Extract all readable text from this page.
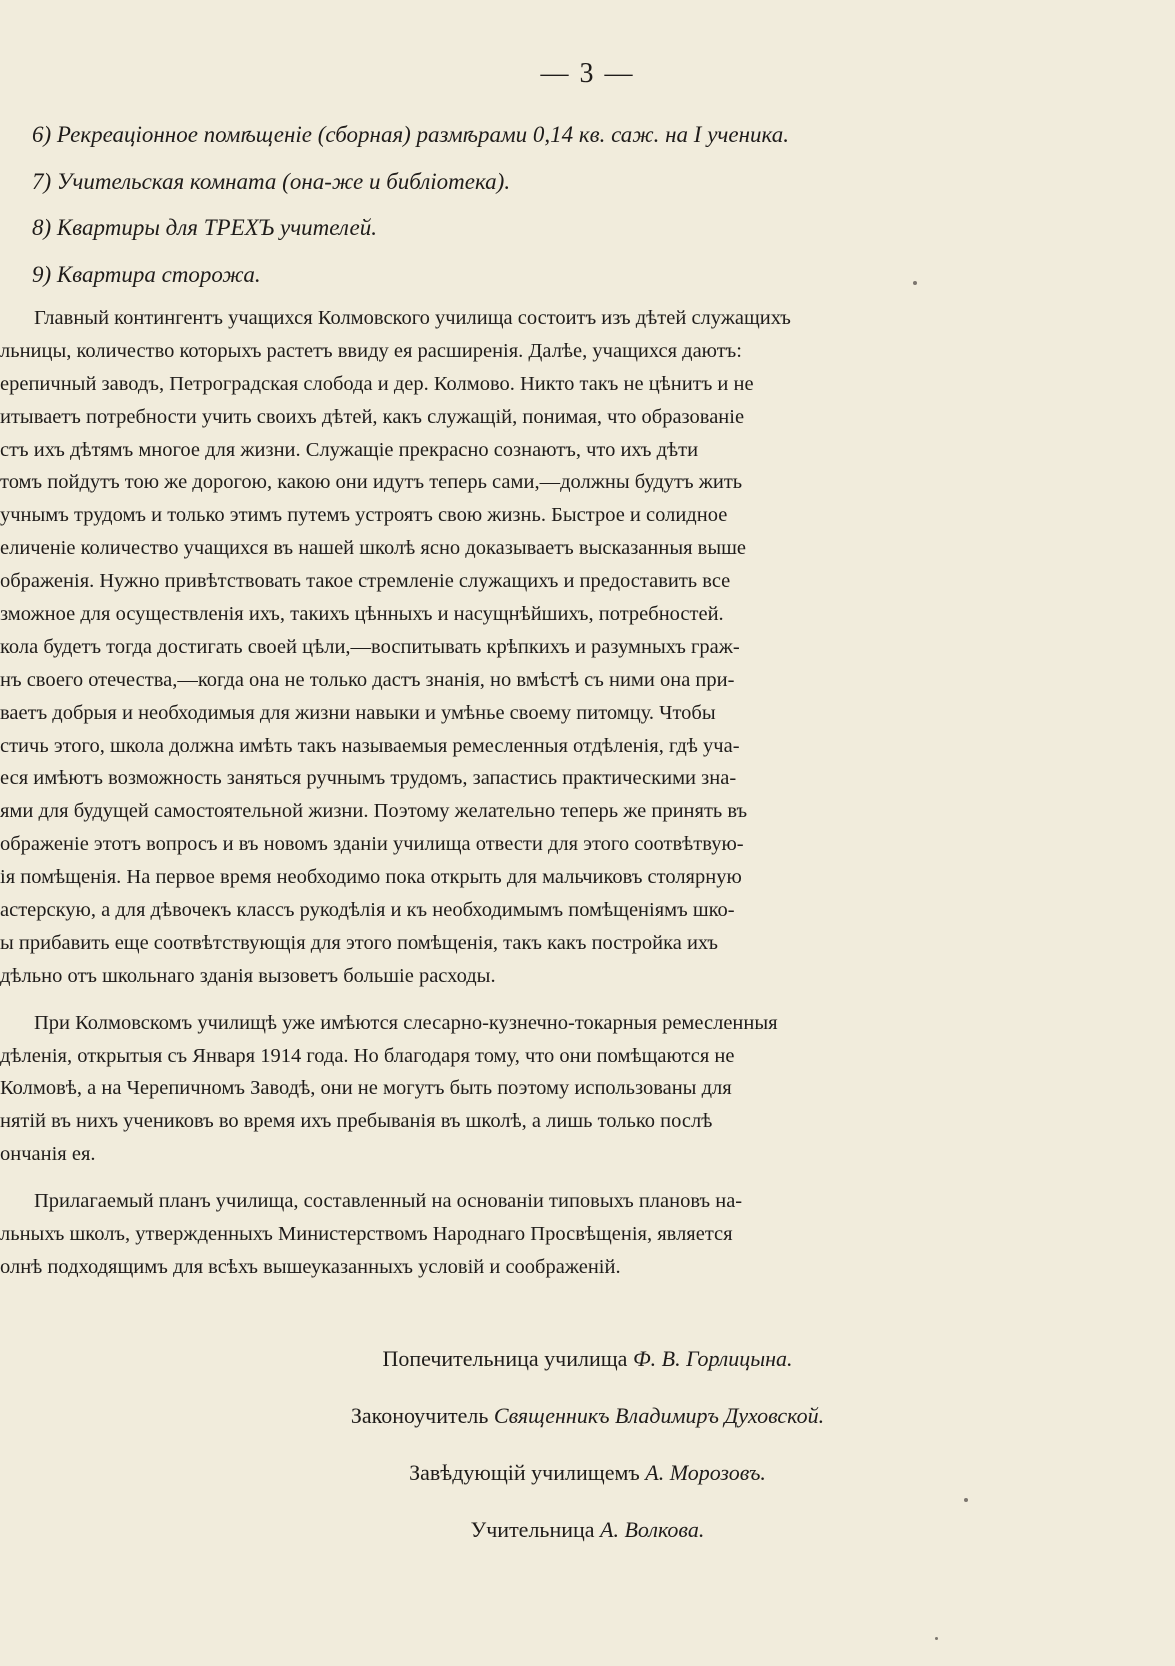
— 3 —
6) Рекреаціонное помѣщеніе (сборная) размѣрами 0,14 кв. саж. на I ученика.
7) Учительская комната (она-же и библіотека).
8) Квартиры для ТРЕХЪ учителей.
9) Квартира сторожа.
Главный контингентъ учащихся Колмовского училища состоитъ изъ дѣтей служащихъ
льницы, количество которыхъ растетъ ввиду ея расширенія. Далѣе, учащихся даютъ:
ерепичный заводъ, Петроградская слобода и дер. Колмово. Никто такъ не цѣнитъ и не
итываетъ потребности учить своихъ дѣтей, какъ служащій, понимая, что образованіе
стъ ихъ дѣтямъ многое для жизни. Служащіе прекрасно сознаютъ, что ихъ дѣти
томъ пойдутъ тою же дорогою, какою они идутъ теперь сами,—должны будутъ жить
учнымъ трудомъ и только этимъ путемъ устроятъ свою жизнь. Быстрое и солидное
еличеніе количество учащихся въ нашей школѣ ясно доказываетъ высказанныя выше
ображенія. Нужно привѣтствовать такое стремленіе служащихъ и предоставить все
зможное для осуществленія ихъ, такихъ цѣнныхъ и насущнѣйшихъ, потребностей.
кола будетъ тогда достигать своей цѣли,—воспитывать крѣпкихъ и разумныхъ граж-
нъ своего отечества,—когда она не только дастъ знанія, но вмѣстѣ съ ними она при-
ваетъ добрыя и необходимыя для жизни навыки и умѣнье своему питомцу. Чтобы
стичь этого, школа должна имѣть такъ называемыя ремесленныя отдѣленія, гдѣ уча-
еся имѣютъ возможность заняться ручнымъ трудомъ, запастись практическими зна-
ями для будущей самостоятельной жизни. Поэтому желательно теперь же принять въ
ображеніе этотъ вопросъ и въ новомъ зданіи училища отвести для этого соотвѣтвую-
ія помѣщенія. На первое время необходимо пока открыть для мальчиковъ столярную
астерскую, а для дѣвочекъ классъ рукодѣлія и къ необходимымъ помѣщеніямъ шко-
ы прибавить еще соотвѣтствующія для этого помѣщенія, такъ какъ постройка ихъ
дѣльно отъ школьнаго зданія вызоветъ большіе расходы.
При Колмовскомъ училищѣ уже имѣются слесарно-кузнечно-токарныя ремесленныя
дѣленія, открытыя съ Января 1914 года. Но благодаря тому, что они помѣщаются не
Колмовѣ, а на Черепичномъ Заводѣ, они не могутъ быть поэтому использованы для
нятій въ нихъ учениковъ во время ихъ пребыванія въ школѣ, а лишь только послѣ
ончанія ея.
Прилагаемый планъ училища, составленный на основаніи типовыхъ плановъ на-
льныхъ школъ, утвержденныхъ Министерствомъ Народнаго Просвѣщенія, является
олнѣ подходящимъ для всѣхъ вышеуказанныхъ условій и соображеній.
Попечительница училища Ф. В. Горлицына.
Законоучитель Священникъ Владимиръ Духовской.
Завѣдующій училищемъ А. Морозовъ.
Учительница А. Волкова.
